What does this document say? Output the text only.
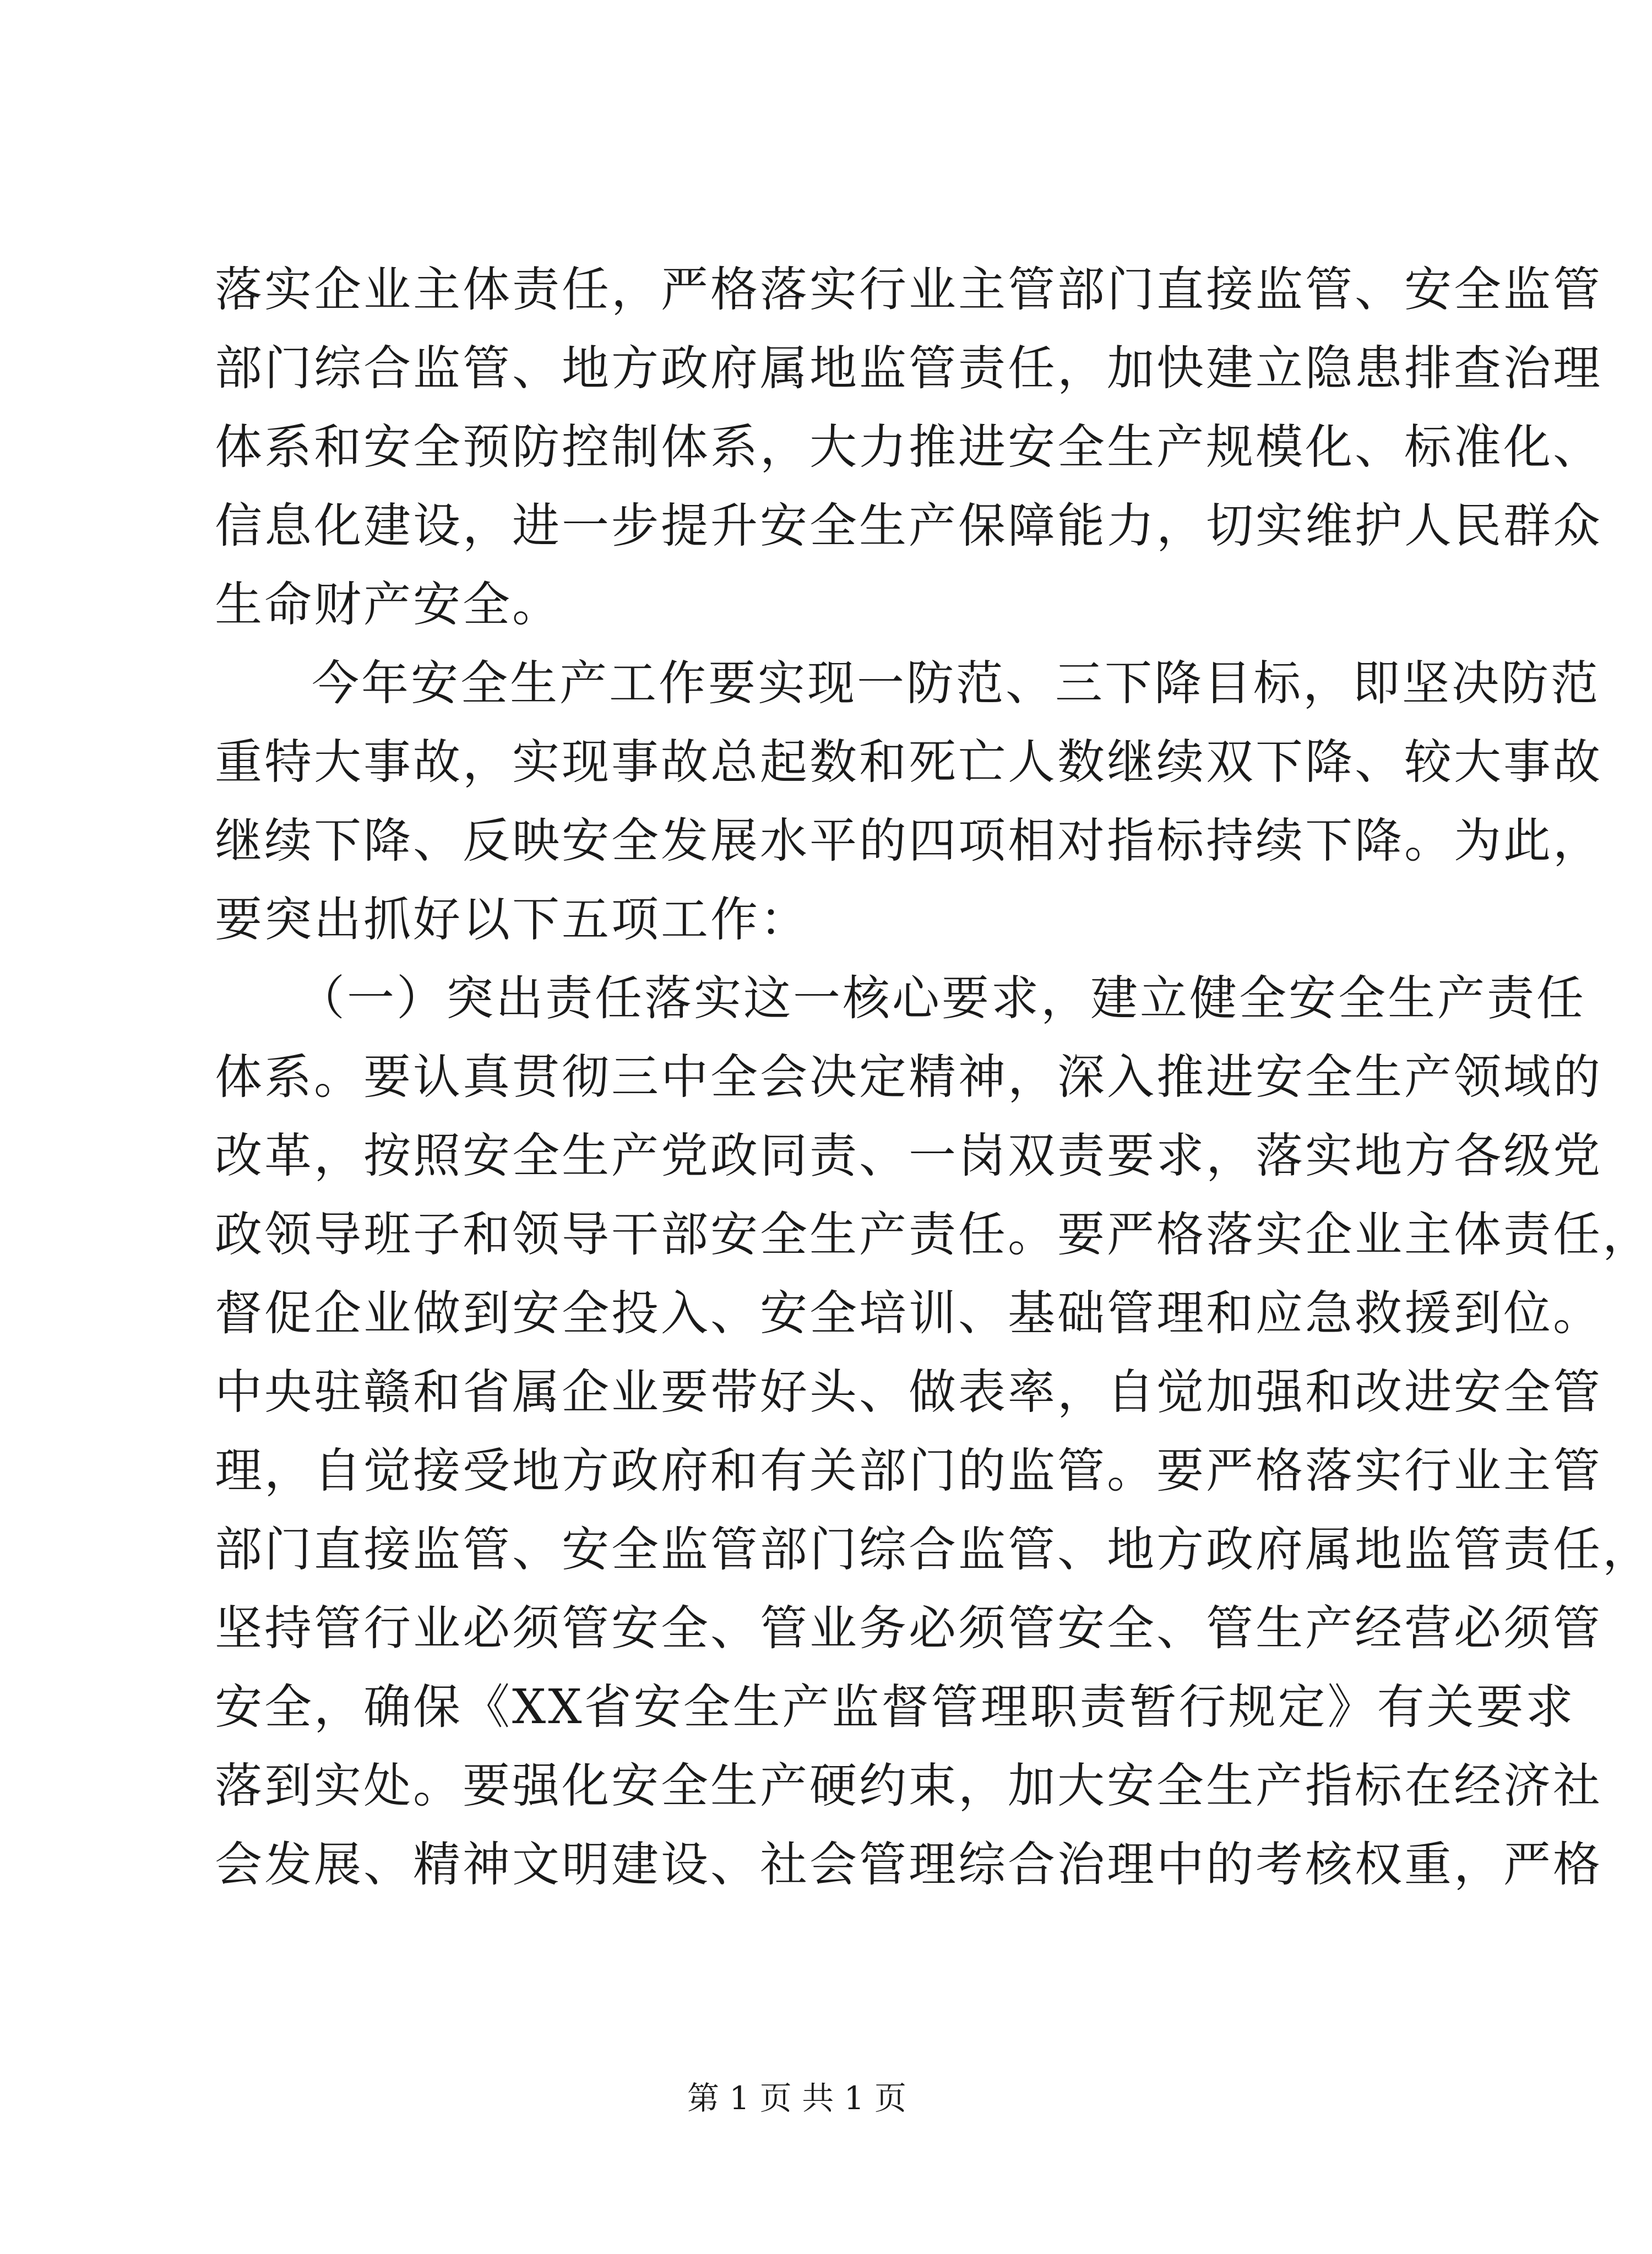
落实企业主体责任，严格落实行业主管部门直接监管、安全监管
部门综合监管、地方政府属地监管责任，加快建立隐患排查治理
体系和安全预防控制体系，大力推进安全生产规模化、标准化、
信息化建设，进一步提升安全生产保障能力，切实维护人民群众
生命财产安全。
今年安全生产工作要实现一防范、三下降目标，即坚决防范
重特大事故，实现事故总起数和死亡人数继续双下降、较大事故
继续下降、反映安全发展水平的四项相对指标持续下降。为此，
要突出抓好以下五项工作：
（一）突出责任落实这一核心要求，建立健全安全生产责任
体系。要认真贯彻三中全会决定精神，深入推进安全生产领域的
改革，按照安全生产党政同责、一岗双责要求，落实地方各级党
政领导班子和领导干部安全生产责任。要严格落实企业主体责任，
督促企业做到安全投入、安全培训、基础管理和应急救援到位。
中央驻赣和省属企业要带好头、做表率，自觉加强和改进安全管
理，自觉接受地方政府和有关部门的监管。要严格落实行业主管
部门直接监管、安全监管部门综合监管、地方政府属地监管责任，
坚持管行业必须管安全、管业务必须管安全、管生产经营必须管
安全，确保《XX省安全生产监督管理职责暂行规定》有关要求
落到实处。要强化安全生产硬约束，加大安全生产指标在经济社
会发展、精神文明建设、社会管理综合治理中的考核权重，严格
第 1 页 共 1 页
